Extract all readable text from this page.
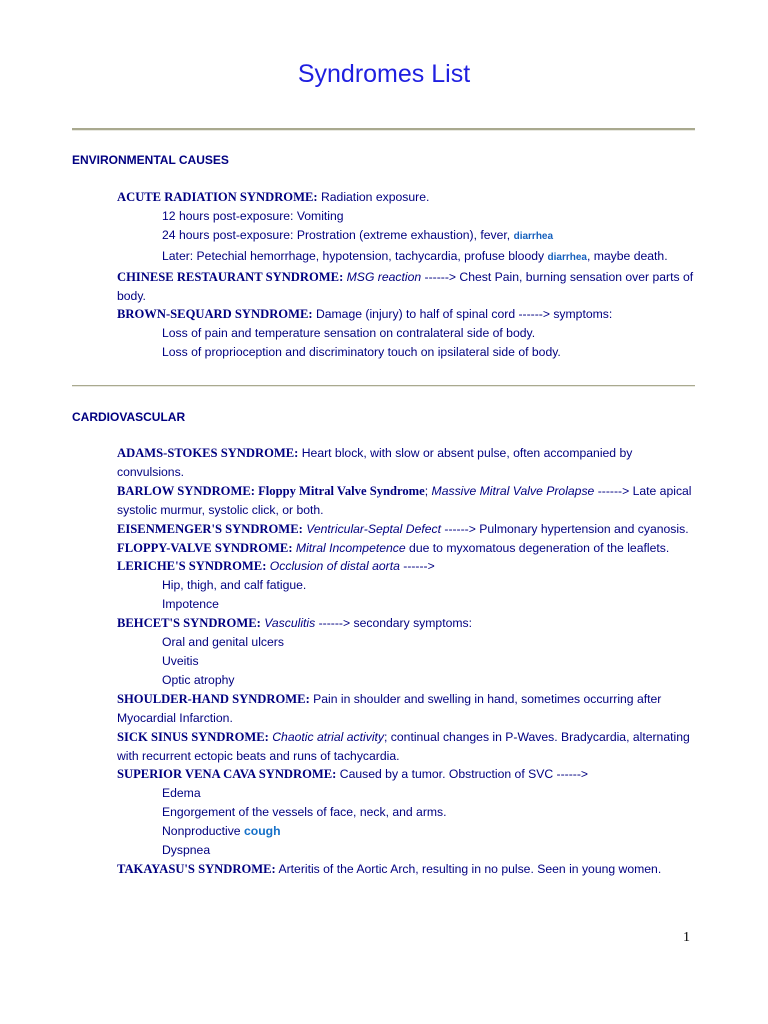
Syndromes List
ENVIRONMENTAL CAUSES

ACUTE RADIATION SYNDROME: Radiation exposure.

12 hours post-exposure: Vomiting

24 hours post-exposure: Prostration (extreme exhaustion), fever, diarrhea

Later: Petechial hemorrhage, hypotension, tachycardia, profuse bloody diarrhea, maybe death.

CHINESE RESTAURANT SYNDROME: MSG reaction ------> Chest Pain, burning sensation over parts of body.

BROWN-SEQUARD SYNDROME: Damage (injury) to half of spinal cord ------> symptoms:

Loss of pain and temperature sensation on contralateral side of body.

Loss of proprioception and discriminatory touch on ipsilateral side of body.

CARDIOVASCULAR

ADAMS-STOKES SYNDROME: Heart block, with slow or absent pulse, often accompanied by convulsions.

BARLOW SYNDROME: Floppy Mitral Valve Syndrome; Massive Mitral Valve Prolapse ------> Late apical systolic murmur, systolic click, or both.

EISENMENGER'S SYNDROME: Ventricular-Septal Defect ------> Pulmonary hypertension and cyanosis.

FLOPPY-VALVE SYNDROME: Mitral Incompetence due to myxomatous degeneration of the leaflets.

LERICHE'S SYNDROME: Occlusion of distal aorta ------>

Hip, thigh, and calf fatigue.

Impotence

BEHCET'S SYNDROME: Vasculitis ------> secondary symptoms:

Oral and genital ulcers

Uveitis

Optic atrophy

SHOULDER-HAND SYNDROME: Pain in shoulder and swelling in hand, sometimes occurring after Myocardial Infarction.

SICK SINUS SYNDROME: Chaotic atrial activity; continual changes in P-Waves. Bradycardia, alternating with recurrent ectopic beats and runs of tachycardia.

SUPERIOR VENA CAVA SYNDROME: Caused by a tumor. Obstruction of SVC ------>

Edema

Engorgement of the vessels of face, neck, and arms.

Nonproductive cough

Dyspnea

TAKAYASU'S SYNDROME: Arteritis of the Aortic Arch, resulting in no pulse. Seen in young women.

1
